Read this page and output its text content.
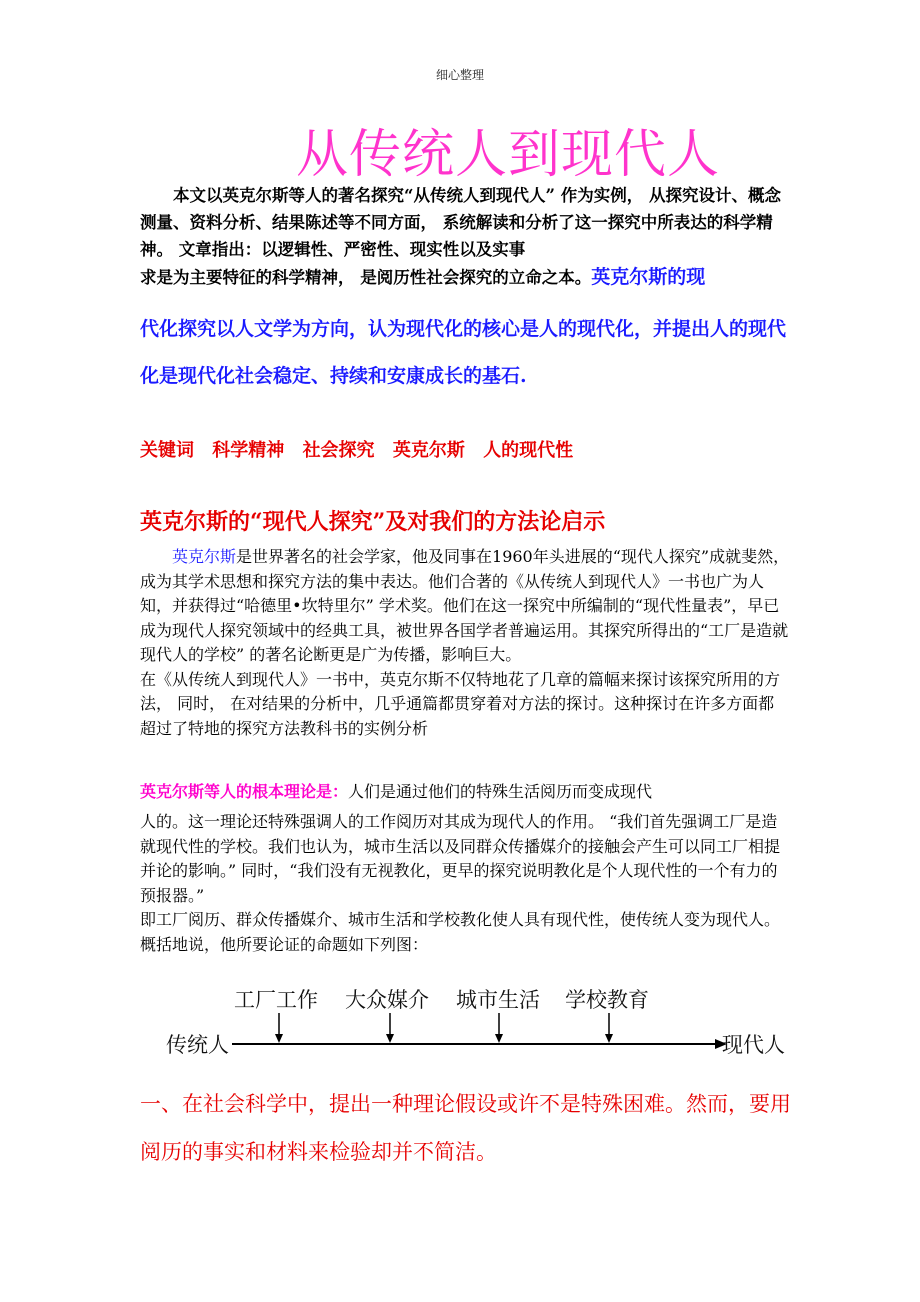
细心整理
从传统人到现代人
本文以英克尔斯等人的著名探究“从传统人到现代人” 作为实例， 从探究设计、概念测量、资料分析、结果陈述等不同方面， 系统解读和分析了这一探究中所表达的科学精神。 文章指出：以逻辑性、严密性、现实性以及实事
求是为主要特征的科学精神， 是阅历性社会探究的立命之本。英克尔斯的现
代化探究以人文学为方向，认为现代化的核心是人的现代化，并提出人的现代化是现代化社会稳定、持续和安康成长的基石.
关键词 科学精神 社会探究 英克尔斯 人的现代性
英克尔斯的“现代人探究”及对我们的方法论启示
英克尔斯是世界著名的社会学家，他及同事在1960年头进展的“现代人探究”成就斐然，成为其学术思想和探究方法的集中表达。他们合著的《从传统人到现代人》一书也广为人知，并获得过“哈德里•坎特里尔” 学术奖。他们在这一探究中所编制的“现代性量表”，早已成为现代人探究领域中的经典工具，被世界各国学者普遍运用。其探究所得出的“工厂是造就现代人的学校” 的著名论断更是广为传播，影响巨大。
在《从传统人到现代人》一书中，英克尔斯不仅特地花了几章的篇幅来探讨该探究所用的方法， 同时， 在对结果的分析中，几乎通篇都贯穿着对方法的探讨。这种探讨在许多方面都超过了特地的探究方法教科书的实例分析
英克尔斯等人的根本理论是：人们是通过他们的特殊生活阅历而变成现代
人的。这一理论还特殊强调人的工作阅历对其成为现代人的作用。 “我们首先强调工厂是造就现代性的学校。我们也认为，城市生活以及同群众传播媒介的接触会产生可以同工厂相提并论的影响。” 同时，“我们没有无视教化，更早的探究说明教化是个人现代性的一个有力的预报器。”
即工厂阅历、群众传播媒介、城市生活和学校教化使人具有现代性，使传统人变为现代人。
概括地说，他所要论证的命题如下列图：
传统人	现代人
工厂工作 大众媒介 城市生活 学校教育
一、在社会科学中，提出一种理论假设或许不是特殊困难。然而，要用阅历的事实和材料来检验却并不简洁。
